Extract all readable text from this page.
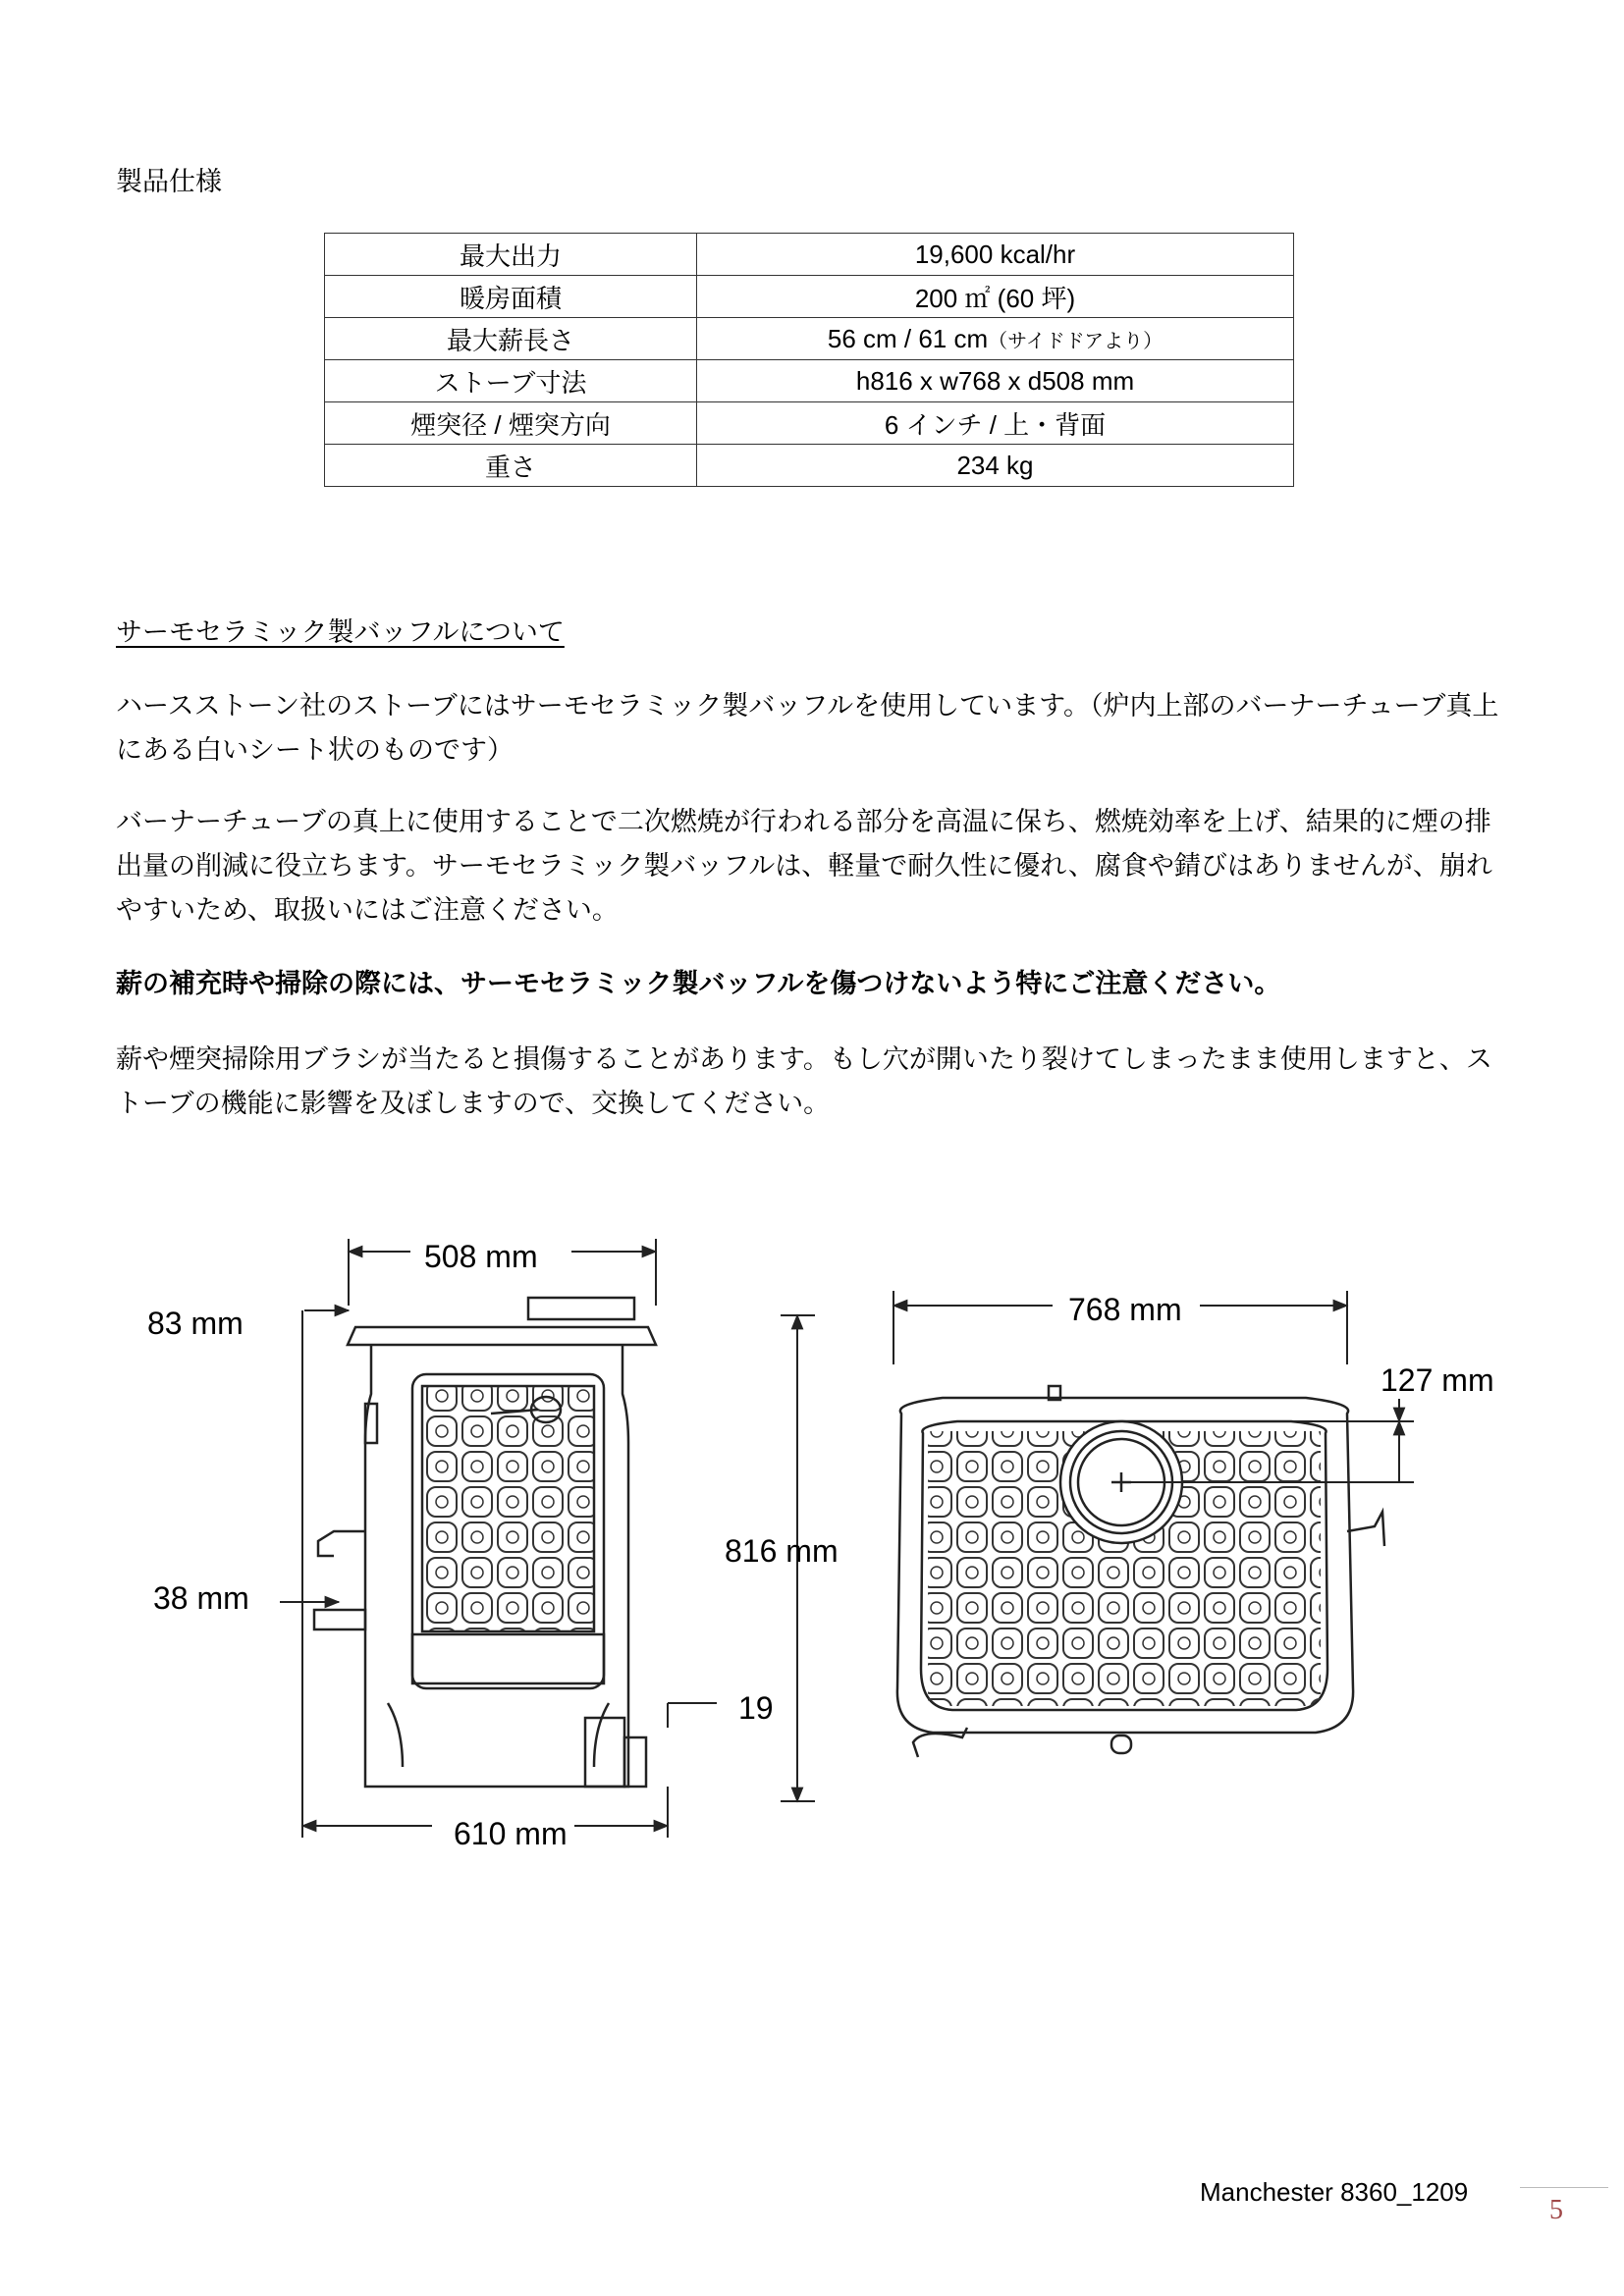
製品仕様
最大出力	19,600 kcal/hr
暖房面積	200 ㎡ (60 坪)
最大薪長さ	56 cm / 61 cm（サイドドアより）
ストーブ寸法	h816 x w768 x d508 mm
煙突径 / 煙突方向	6 インチ / 上・背面
重さ	234 kg
サーモセラミック製バッフルについて

ハースストーン社のストーブにはサーモセラミック製バッフルを使用しています。（炉内上部のバーナーチューブ真上にある白いシート状のものです）

バーナーチューブの真上に使用することで二次燃焼が行われる部分を高温に保ち、燃焼効率を上げ、結果的に煙の排出量の削減に役立ちます。サーモセラミック製バッフルは、軽量で耐久性に優れ、腐食や錆びはありませんが、崩れやすいため、取扱いにはご注意ください。

薪の補充時や掃除の際には、サーモセラミック製バッフルを傷つけないよう特にご注意ください。

薪や煙突掃除用ブラシが当たると損傷することがあります。もし穴が開いたり裂けてしまったまま使用しますと、ストーブの機能に影響を及ぼしますので、交換してください。

508 mm
83 mm
816 mm
38 mm
19
610 mm
768 mm
127 mm
Manchester 8360_1209
5
